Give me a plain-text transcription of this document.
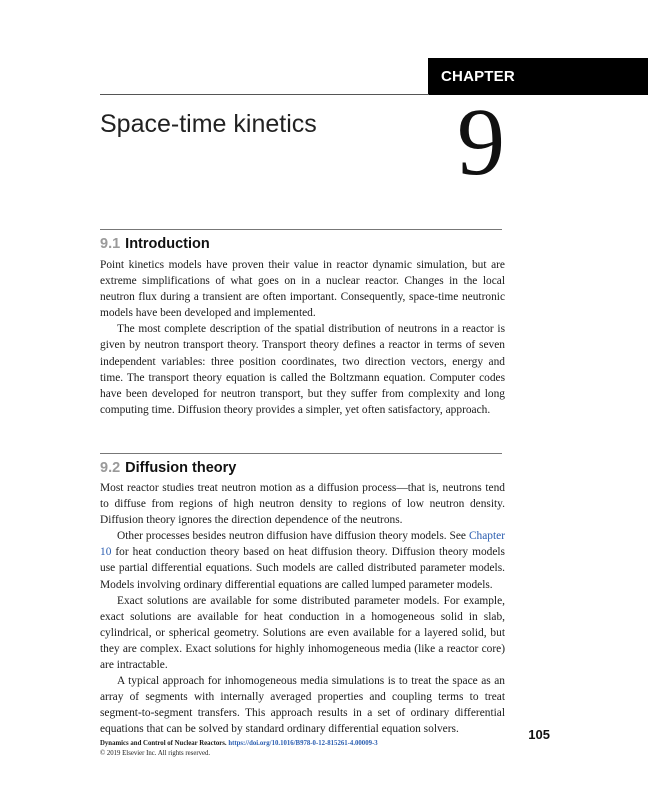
CHAPTER
Space-time kinetics 9
9.1 Introduction

Point kinetics models have proven their value in reactor dynamic simulation, but are extreme simplifications of what goes on in a nuclear reactor. Changes in the local neutron flux during a transient are often important. Consequently, space-time neutronic models have been developed and implemented.

The most complete description of the spatial distribution of neutrons in a reactor is given by neutron transport theory. Transport theory defines a reactor in terms of seven independent variables: three position coordinates, two direction vectors, energy and time. The transport theory equation is called the Boltzmann equation. Computer codes have been developed for neutron transport, but they suffer from complexity and long computing time. Diffusion theory provides a simpler, yet often satisfactory, approach.

9.2 Diffusion theory

Most reactor studies treat neutron motion as a diffusion process—that is, neutrons tend to diffuse from regions of high neutron density to regions of low neutron density. Diffusion theory ignores the direction dependence of the neutrons.

Other processes besides neutron diffusion have diffusion theory models. See Chapter 10 for heat conduction theory based on heat diffusion theory. Diffusion theory models use partial differential equations. Such models are called distributed parameter models. Models involving ordinary differential equations are called lumped parameter models.

Exact solutions are available for some distributed parameter models. For example, exact solutions are available for heat conduction in a homogeneous solid in slab, cylindrical, or spherical geometry. Solutions are even available for a layered solid, but they are complex. Exact solutions for highly inhomogeneous media (like a reactor core) are intractable.

A typical approach for inhomogeneous media simulations is to treat the space as an array of segments with internally averaged properties and coupling terms to treat segment-to-segment transfers. This approach results in a set of ordinary differential equations that can be solved by standard ordinary differential equation solvers.	105
Dynamics and Control of Nuclear Reactors. https://doi.org/10.1016/B978-0-12-815261-4.00009-3
© 2019 Elsevier Inc. All rights reserved.
